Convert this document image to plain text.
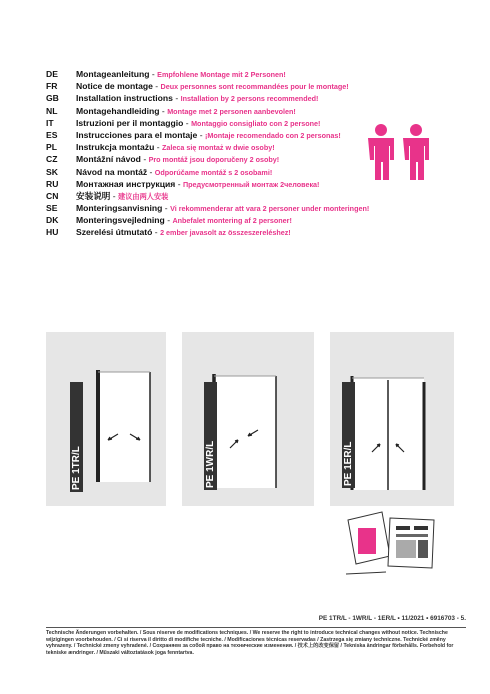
DE Montageanleitung - Empfohlene Montage mit 2 Personen!
FR Notice de montage - Deux personnes sont recommandées pour le montage!
GB Installation instructions - Installation by 2 persons recommended!
NL Montagehandleiding - Montage met 2 personen aanbevolen!
IT	Istruzioni per il montaggio - Montaggio consigliato con 2 persone!
ES Instrucciones para el montaje - ¡Montaje recomendado con 2 personas!
PL Instrukcja montażu - Zaleca się montaż w dwie osoby!
CZ Montážní návod - Pro montáž jsou doporučeny 2 osoby!
SK Návod na montáž - Odporúčame montáž s 2 osobami!
RU Монтажная инструкция - Предусмотренный монтаж 2человека!
CN 安装说明 - 建议由两人安装
SE Monteringsanvisning - Vi rekommenderar att vara 2 personer under monteringen!
DK Monteringsvejledning - Anbefalet montering af 2 personer!
HU Szerelési útmutató - 2 ember javasolt az összeszereléshez!
PE 1TR/L	PE 1WR/L	PE 1ER/L
PE 1TR/L - 1WR/L - 1ER/L • 11/2021 • 6916703 - 5.
Technische Änderungen vorbehalten. / Sous réserve de modifications techniques. / We reserve the right to introduce technical changes without notice. Technische wijzigingen voorbehouden. / Ci si riserva il diritto di modifiche tecniche. / Modificaciones técnicas reservadas / Zastrzega się zmiany techniczne. Technické změny vyhrazeny. / Technické zmeny vyhradené. / Сохраняем за собой право на технические изменения. / 技术上的改变保留 / Tekniska ändringar förbehålls. Forbehold for tekniske ændringer. / Műszaki változtatások joga fenntartva.
